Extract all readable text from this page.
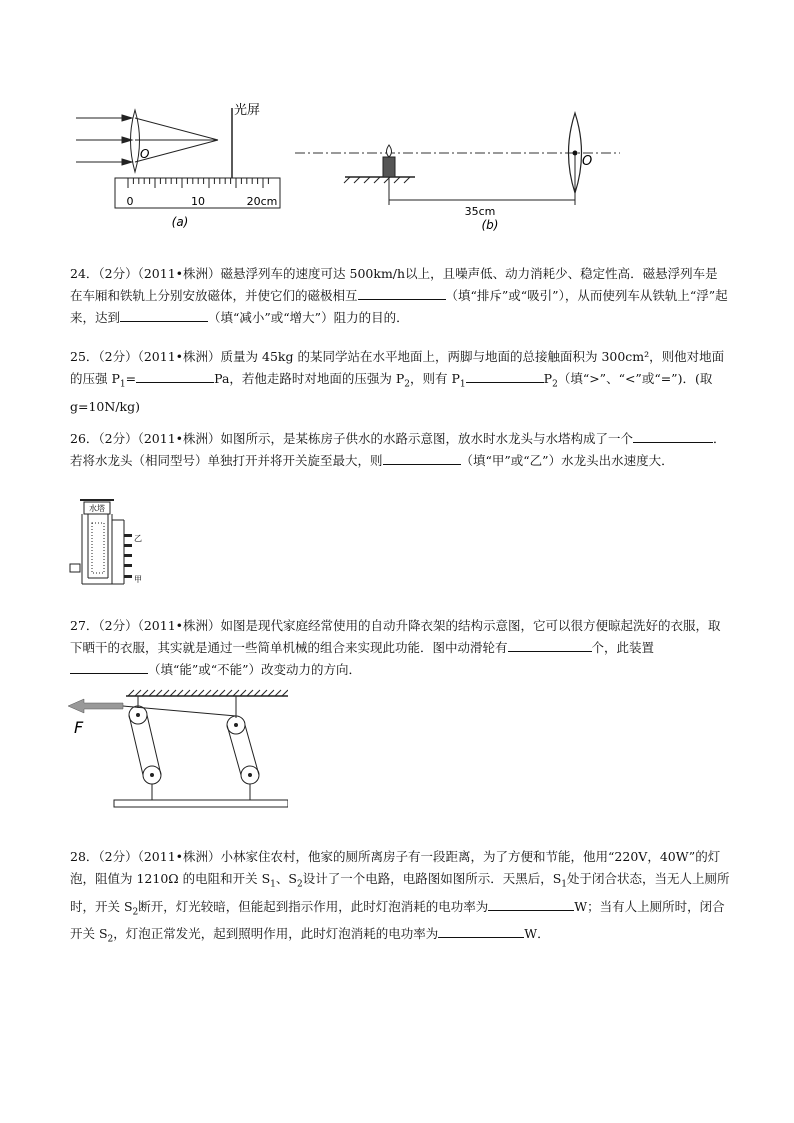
光屏
O
0	10	20cm
(a)
O
35cm
(b)
24．（2分）（2011•株洲）磁悬浮列车的速度可达 500km/h以上，且噪声低、动力消耗少、稳定性高．磁悬浮列车是在车厢和铁轨上分别安放磁体，并使它们的磁极相互	（填“排斥”或“吸引”），从而使列车从铁轨上“浮”起来，达到	（填“减小”或“增大”）阻力的目的．
25．（2分）（2011•株洲）质量为 45kg 的某同学站在水平地面上，两脚与地面的总接触面积为 300cm²，则他对地面的压强 $P_1=$	Pa，若他走路时对地面的压强为 $P_2$，则有 $P_1$	$P_2$（填“>”、“<”或“=”)．(取 g=10N/kg)
26．（2分）（2011•株洲）如图所示，是某栋房子供水的水路示意图，放水时水龙头与水塔构成了一个	．若将水龙头（相同型号）单独打开并将开关旋至最大，则	（填“甲”或“乙”）水龙头出水速度大．
水塔
乙
甲
27．（2分）（2011•株洲）如图是现代家庭经常使用的自动升降衣架的结构示意图，它可以很方便晾起洗好的衣服，取下晒干的衣服，其实就是通过一些简单机械的组合来实现此功能．图中动滑轮有	个，此装置（填“能”或“不能”）改变动力的方向．
F
28．（2分）（2011•株洲）小林家住农村，他家的厕所离房子有一段距离，为了方便和节能，他用“220V，40W”的灯泡，阻值为 1210Ω 的电阻和开关 $S_1$、$S_2$设计了一个电路，电路图如图所示．天黑后，$S_1$处于闭合状态，当无人上厕所时，开关 $S_2$断开，灯光较暗，但能起到指示作用，此时灯泡消耗的电功率为	W；当有人上厕所时，闭合开关 $S_2$，灯泡正常发光，起到照明作用，此时灯泡消耗的电功率为	W．
